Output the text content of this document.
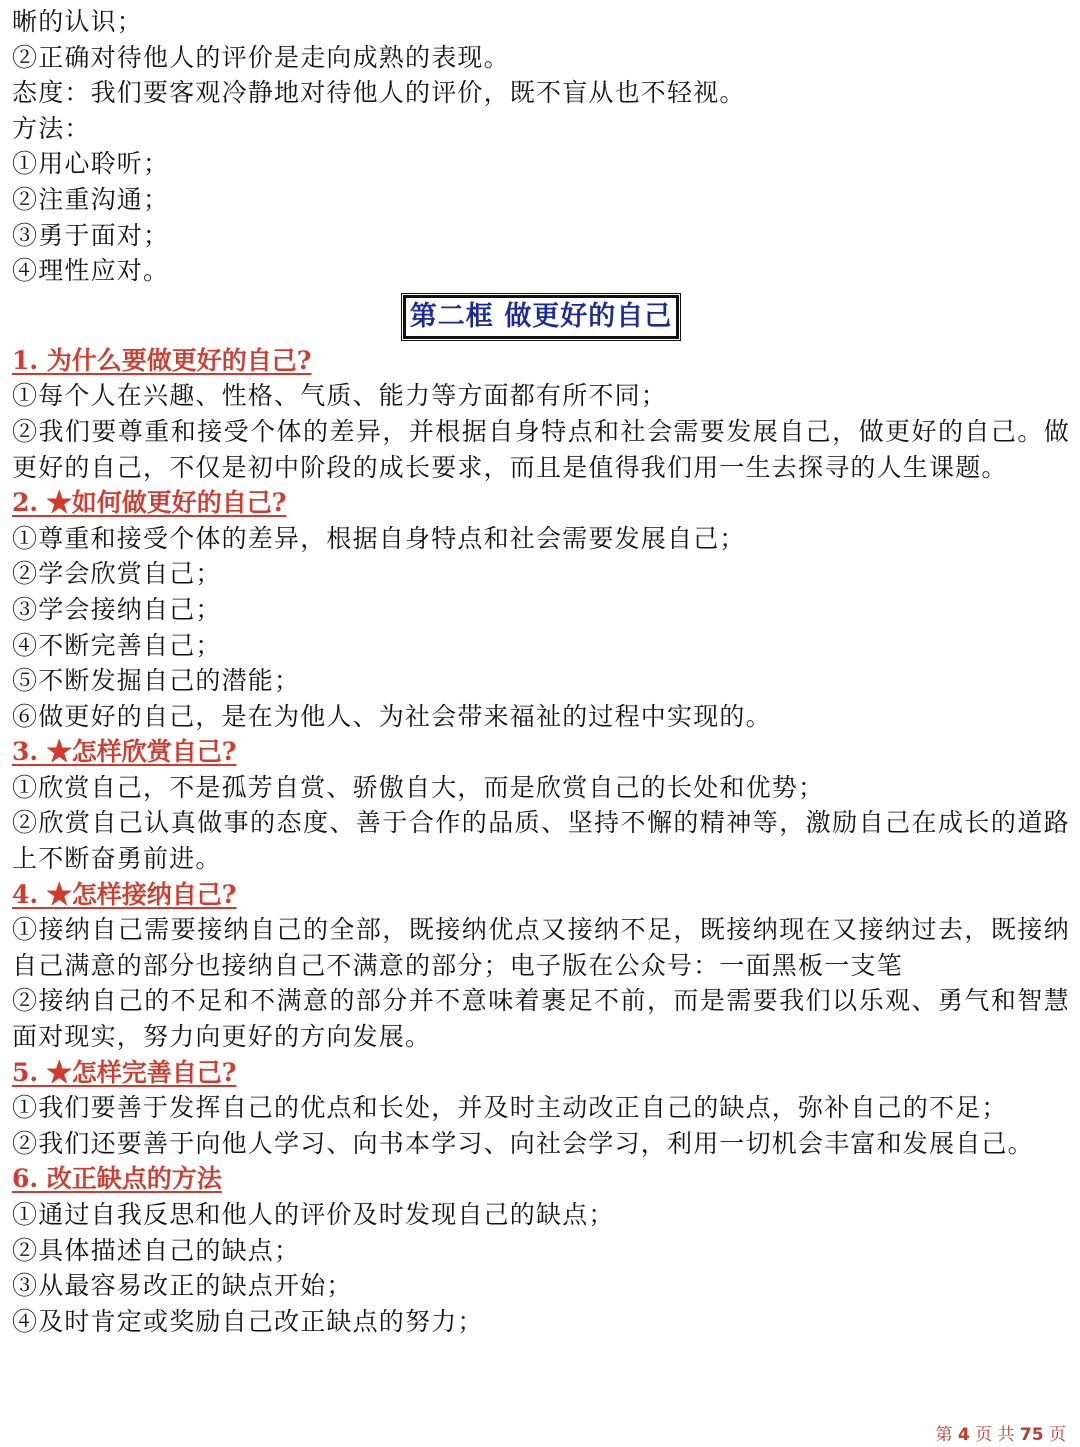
晰的认识；
②正确对待他人的评价是走向成熟的表现。
态度：我们要客观冷静地对待他人的评价，既不盲从也不轻视。
方法：
①用心聆听；
②注重沟通；
③勇于面对；
④理性应对。
第二框 做更好的自己
1. 为什么要做更好的自己?
①每个人在兴趣、性格、气质、能力等方面都有所不同；
②我们要尊重和接受个体的差异，并根据自身特点和社会需要发展自己，做更好的自己。做更好的自己，不仅是初中阶段的成长要求，而且是值得我们用一生去探寻的人生课题。
2. ★如何做更好的自己?
①尊重和接受个体的差异，根据自身特点和社会需要发展自己；
②学会欣赏自己；
③学会接纳自己；
④不断完善自己；
⑤不断发掘自己的潜能；
⑥做更好的自己，是在为他人、为社会带来福祉的过程中实现的。
3. ★怎样欣赏自己?
①欣赏自己，不是孤芳自赏、骄傲自大，而是欣赏自己的长处和优势；
②欣赏自己认真做事的态度、善于合作的品质、坚持不懈的精神等，激励自己在成长的道路上不断奋勇前进。
4. ★怎样接纳自己?
①接纳自己需要接纳自己的全部，既接纳优点又接纳不足，既接纳现在又接纳过去，既接纳自己满意的部分也接纳自己不满意的部分；电子版在公众号：一面黑板一支笔
②接纳自己的不足和不满意的部分并不意味着裹足不前，而是需要我们以乐观、勇气和智慧面对现实，努力向更好的方向发展。
5. ★怎样完善自己?
①我们要善于发挥自己的优点和长处，并及时主动改正自己的缺点，弥补自己的不足；
②我们还要善于向他人学习、向书本学习、向社会学习，利用一切机会丰富和发展自己。
6. 改正缺点的方法
①通过自我反思和他人的评价及时发现自己的缺点；
②具体描述自己的缺点；
③从最容易改正的缺点开始；
④及时肯定或奖励自己改正缺点的努力；
第 4 页 共 75 页
